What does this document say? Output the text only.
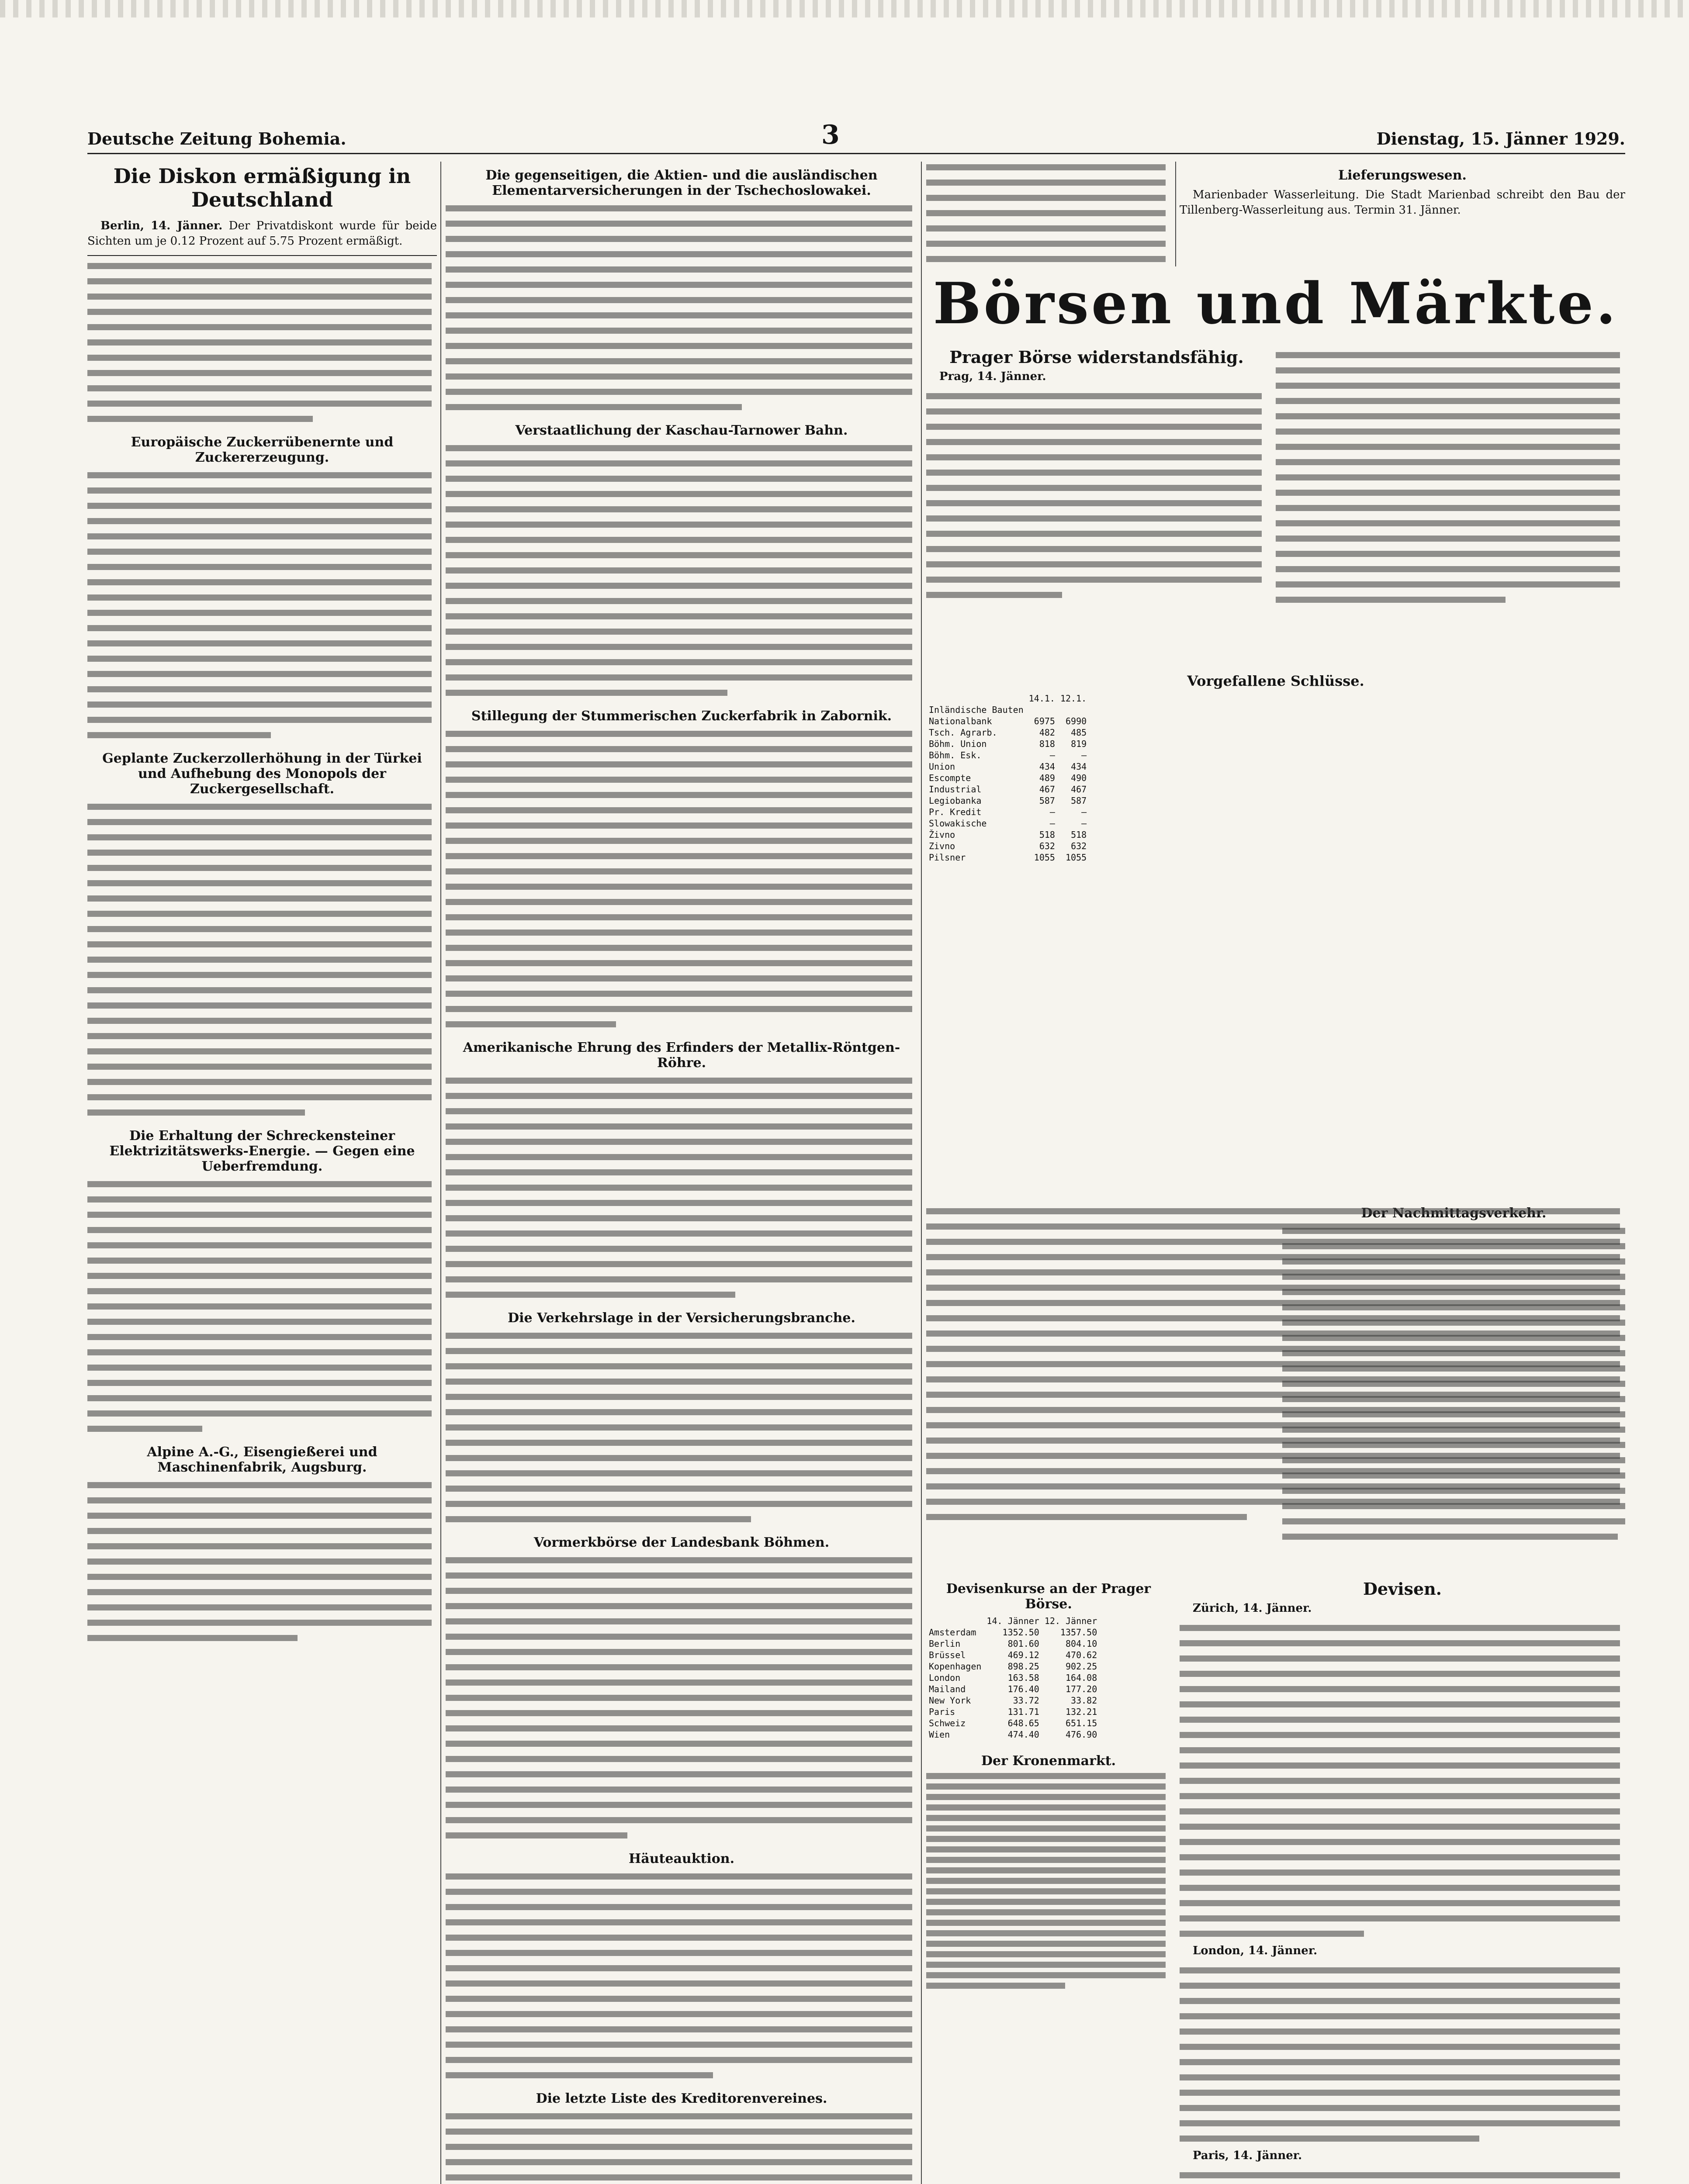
Deutsche Zeitung Bohemia.	3	Dienstag, 15. Jänner 1929.
Die Diskon ermäßigung in Deutschland

Berlin, 14. Jänner. Der Privatdiskont wurde für beide Sichten um je 0.12 Prozent auf 5.75 Prozent ermäßigt.

Europäische Zuckerrübenernte und Zuckererzeugung.
Geplante Zuckerzollerhöhung in der Türkei und Aufhebung des Monopols der Zuckergesellschaft.
Die Erhaltung der Schreckensteiner Elektrizitätswerks-Energie. — Gegen eine Ueberfremdung.
Alpine A.-G., Eisengießerei und Maschinenfabrik, Augsburg.
Die gegenseitigen, die Aktien- und die ausländischen Elementarversicherungen in der Tschechoslowakei.
Verstaatlichung der Kaschau-Tarnower Bahn.
Stillegung der Stummerischen Zuckerfabrik in Zabornik.
Amerikanische Ehrung des Erfinders der Metallix-Röntgen-Röhre.
Die Verkehrslage in der Versicherungsbranche.
Vormerkbörse der Landesbank Böhmen.
Häuteauktion.
Die letzte Liste des Kreditorenvereines.
Lieferungswesen.

Marienbader Wasserleitung. Die Stadt Marienbad schreibt den Bau der Tillenberg-Wasserleitung aus. Termin 31. Jänner.

Börsen und Märkte.
Prager Börse widerstandsfähig.

Prag, 14. Jänner.

Vorgefallene Schlüsse.
	14.1.	12.1.
Inländische Bauten		
Nationalbank	6975	6990
Tsch. Agrarb.	482	485
Böhm. Union	818	819
Böhm. Esk.	—	—
Union	434	434
Escompte	489	490
Industrial	467	467
Legiobanka	587	587
Pr. Kredit	—	—
Slowakische	—	—
Živno	518	518
Zivno	632	632
Pilsner	1055	1055
Devisenkurse an der Prager Börse.
	14. Jänner	12. Jänner
Amsterdam	1352.50	1357.50
Berlin	801.60	804.10
Brüssel	469.12	470.62
Kopenhagen	898.25	902.25
London	163.58	164.08
Mailand	176.40	177.20
New York	33.72	33.82
Paris	131.71	132.21
Schweiz	648.65	651.15
Wien	474.40	476.90
Der Kronenmarkt.
Devisen.

Zürich, 14. Jänner.

London, 14. Jänner.

Paris, 14. Jänner.
